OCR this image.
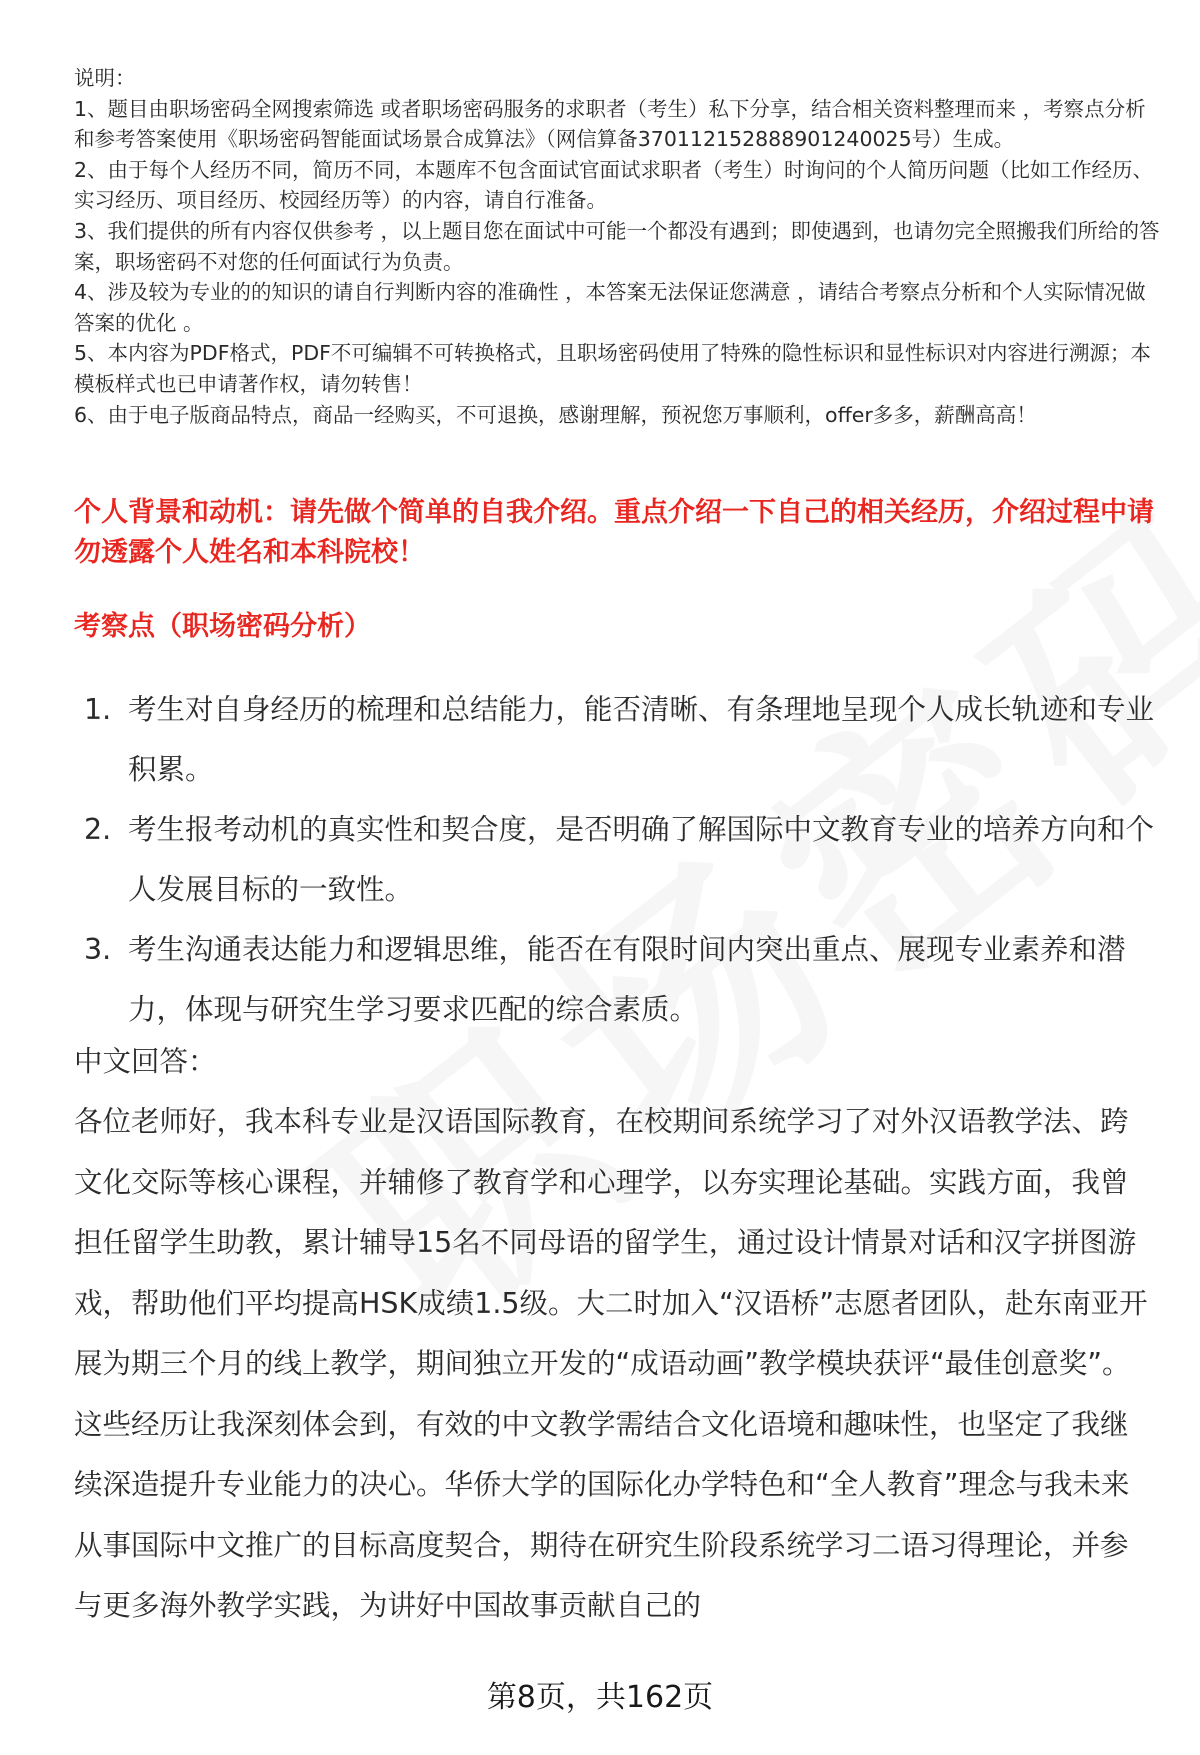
说明：

1、题目由职场密码全网搜索筛选 或者职场密码服务的求职者（考生）私下分享，结合相关资料整理而来 ，考察点分析和参考答案使用《职场密码智能面试场景合成算法》（网信算备370112152888901240025号）生成。

2、由于每个人经历不同，简历不同，本题库不包含面试官面试求职者（考生）时询问的个人简历问题（比如工作经历、实习经历、项目经历、校园经历等）的内容，请自行准备。

3、我们提供的所有内容仅供参考 ，以上题目您在面试中可能一个都没有遇到；即使遇到，也请勿完全照搬我们所给的答案，职场密码不对您的任何面试行为负责。

4、涉及较为专业的的知识的请自行判断内容的准确性 ，本答案无法保证您满意 ，请结合考察点分析和个人实际情况做答案的优化 。

5、本内容为PDF格式，PDF不可编辑不可转换格式，且职场密码使用了特殊的隐性标识和显性标识对内容进行溯源；本模板样式也已申请著作权，请勿转售！

6、由于电子版商品特点，商品一经购买，不可退换，感谢理解，预祝您万事顺利，offer多多，薪酬高高！

个人背景和动机：请先做个简单的自我介绍。重点介绍一下自己的相关经历，介绍过程中请勿透露个人姓名和本科院校！
考察点（职场密码分析）
1. 考生对自身经历的梳理和总结能力，能否清晰、有条理地呈现个人成长轨迹和专业积累。
2. 考生报考动机的真实性和契合度，是否明确了解国际中文教育专业的培养方向和个人发展目标的一致性。
3. 考生沟通表达能力和逻辑思维，能否在有限时间内突出重点、展现专业素养和潜力，体现与研究生学习要求匹配的综合素质。

中文回答：

各位老师好，我本科专业是汉语国际教育，在校期间系统学习了对外汉语教学法、跨文化交际等核心课程，并辅修了教育学和心理学，以夯实理论基础。实践方面，我曾担任留学生助教，累计辅导15名不同母语的留学生，通过设计情景对话和汉字拼图游戏，帮助他们平均提高HSK成绩1.5级。大二时加入“汉语桥”志愿者团队，赴东南亚开展为期三个月的线上教学，期间独立开发的“成语动画”教学模块获评“最佳创意奖”。这些经历让我深刻体会到，有效的中文教学需结合文化语境和趣味性，也坚定了我继续深造提升专业能力的决心。华侨大学的国际化办学特色和“全人教育”理念与我未来从事国际中文推广的目标高度契合，期待在研究生阶段系统学习二语习得理论，并参与更多海外教学实践，为讲好中国故事贡献自己的

第8页，共162页
